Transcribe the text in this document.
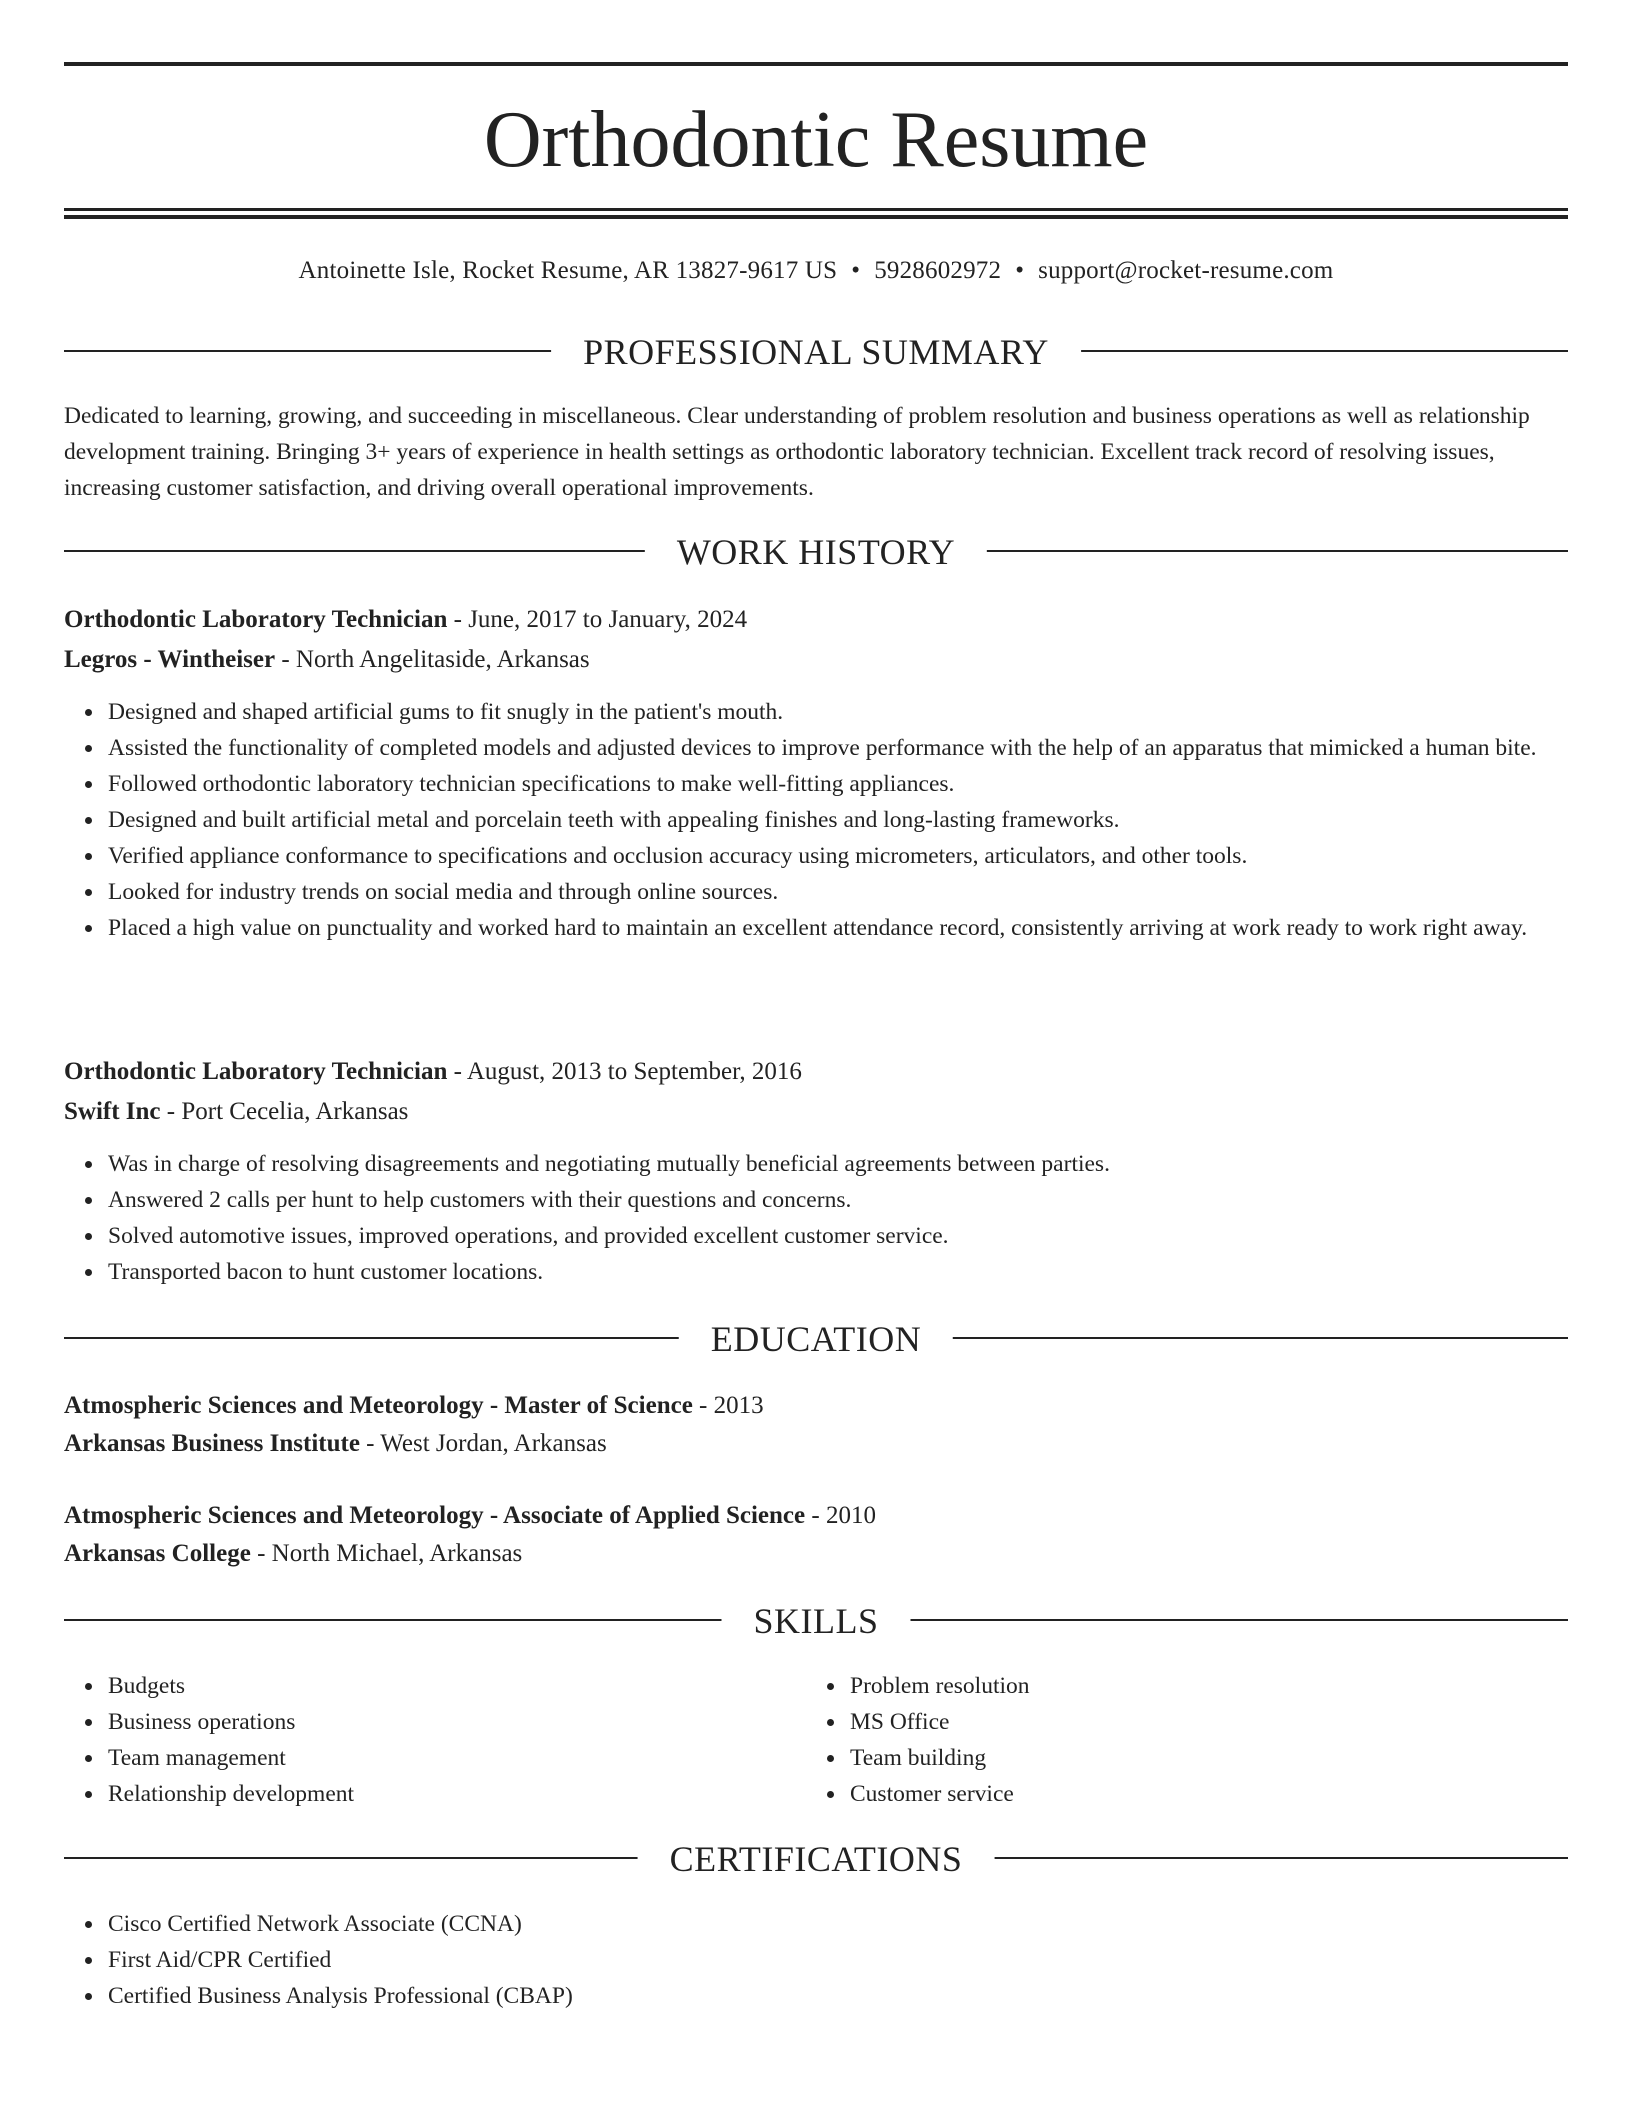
Orthodontic Resume
Antoinette Isle, Rocket Resume, AR 13827-9617 US • 5928602972 • support@rocket-resume.com
PROFESSIONAL SUMMARY

Dedicated to learning, growing, and succeeding in miscellaneous. Clear understanding of problem resolution and business operations as well as relationship development training. Bringing 3+ years of experience in health settings as orthodontic laboratory technician. Excellent track record of resolving issues, increasing customer satisfaction, and driving overall operational improvements.

WORK HISTORY
Orthodontic Laboratory Technician - June, 2017 to January, 2024
Legros - Wintheiser - North Angelitaside, Arkansas
Designed and shaped artificial gums to fit snugly in the patient's mouth.
Assisted the functionality of completed models and adjusted devices to improve performance with the help of an apparatus that mimicked a human bite.
Followed orthodontic laboratory technician specifications to make well-fitting appliances.
Designed and built artificial metal and porcelain teeth with appealing finishes and long-lasting frameworks.
Verified appliance conformance to specifications and occlusion accuracy using micrometers, articulators, and other tools.
Looked for industry trends on social media and through online sources.
Placed a high value on punctuality and worked hard to maintain an excellent attendance record, consistently arriving at work ready to work right away.
Orthodontic Laboratory Technician - August, 2013 to September, 2016
Swift Inc - Port Cecelia, Arkansas
Was in charge of resolving disagreements and negotiating mutually beneficial agreements between parties.
Answered 2 calls per hunt to help customers with their questions and concerns.
Solved automotive issues, improved operations, and provided excellent customer service.
Transported bacon to hunt customer locations.
EDUCATION
Atmospheric Sciences and Meteorology - Master of Science - 2013
Arkansas Business Institute - West Jordan, Arkansas
Atmospheric Sciences and Meteorology - Associate of Applied Science - 2010
Arkansas College - North Michael, Arkansas
SKILLS
Budgets
Business operations
Team management
Relationship development
Problem resolution
MS Office
Team building
Customer service
CERTIFICATIONS
Cisco Certified Network Associate (CCNA)
First Aid/CPR Certified
Certified Business Analysis Professional (CBAP)
